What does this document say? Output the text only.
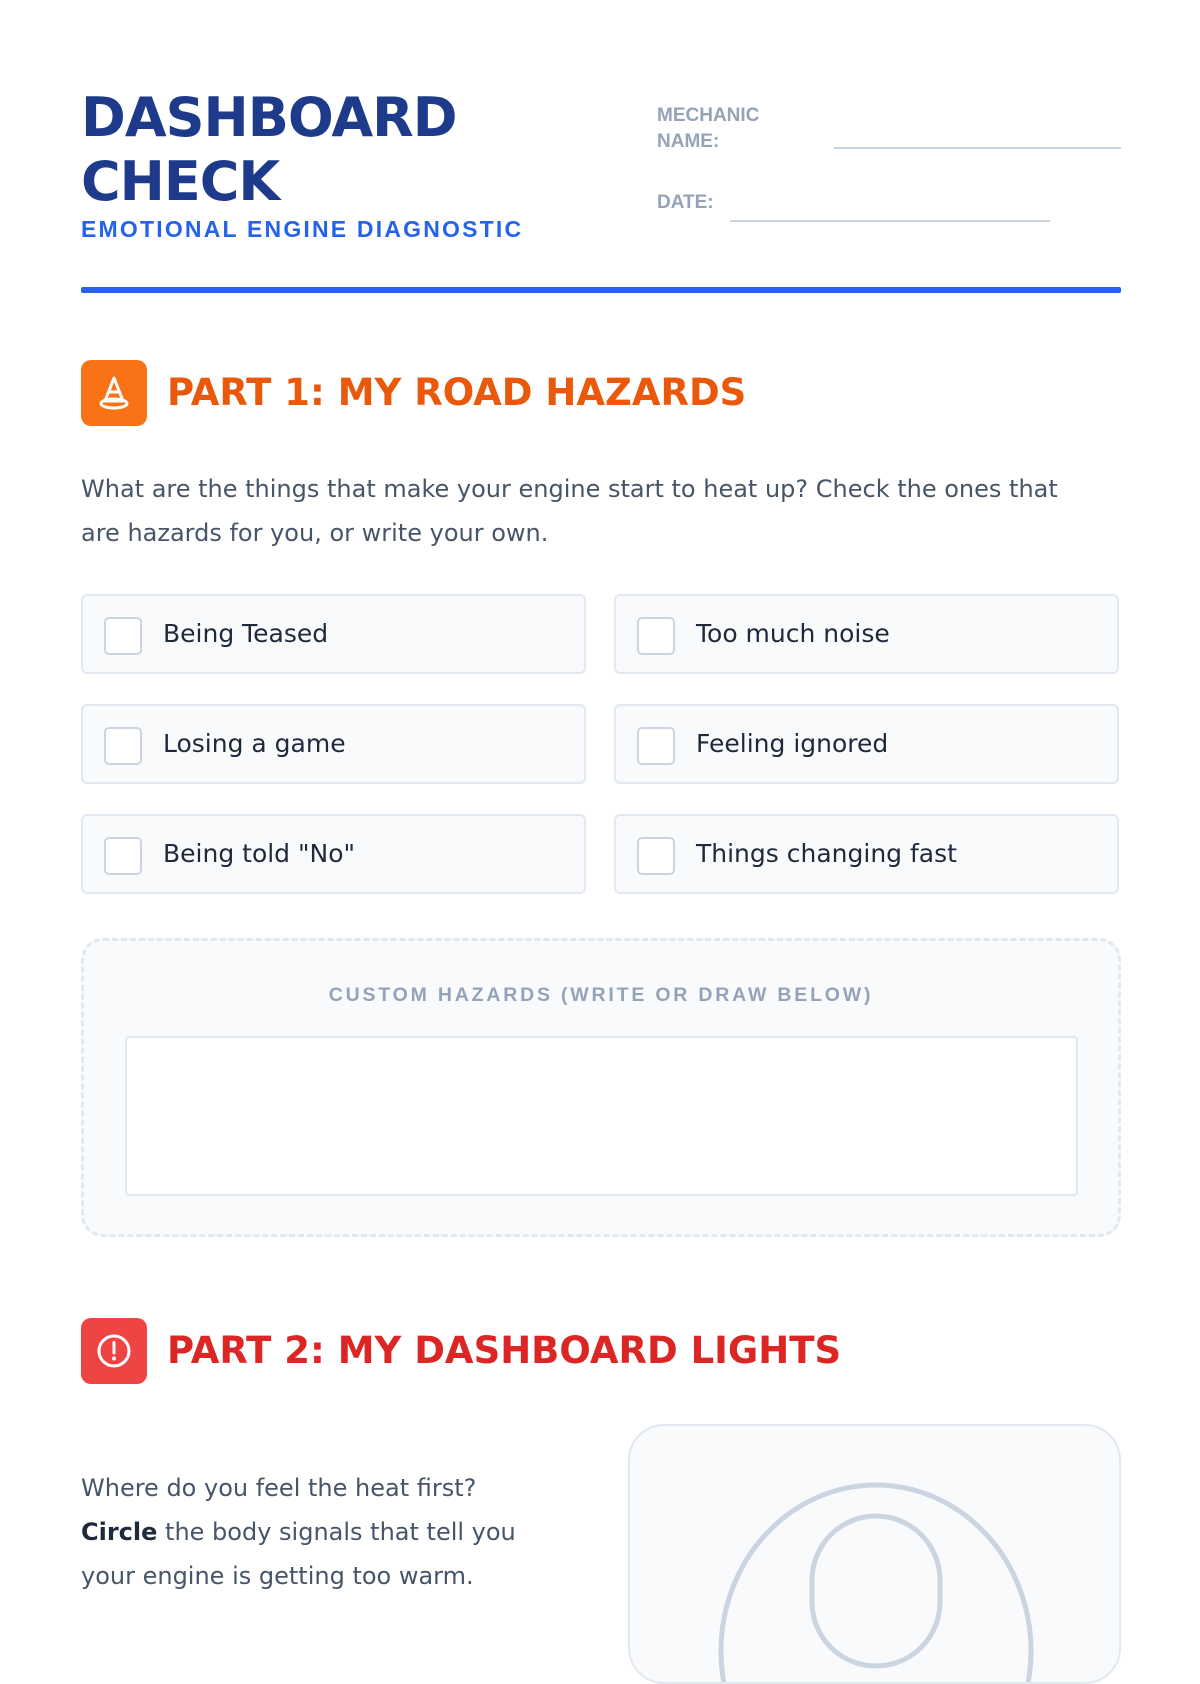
DASHBOARD
CHECK
EMOTIONAL ENGINE DIAGNOSTIC
MECHANIC
NAME:
DATE:
PART 1: MY ROAD HAZARDS

What are the things that make your engine start to heat up? Check the ones that are hazards for you, or write your own.

Being Teased	Too much noise
Losing a game	Feeling ignored
Being told "No"	Things changing fast
CUSTOM HAZARDS (WRITE OR DRAW BELOW)
PART 2: MY DASHBOARD LIGHTS

Where do you feel the heat first?
Circle the body signals that tell you your engine is getting too warm.
